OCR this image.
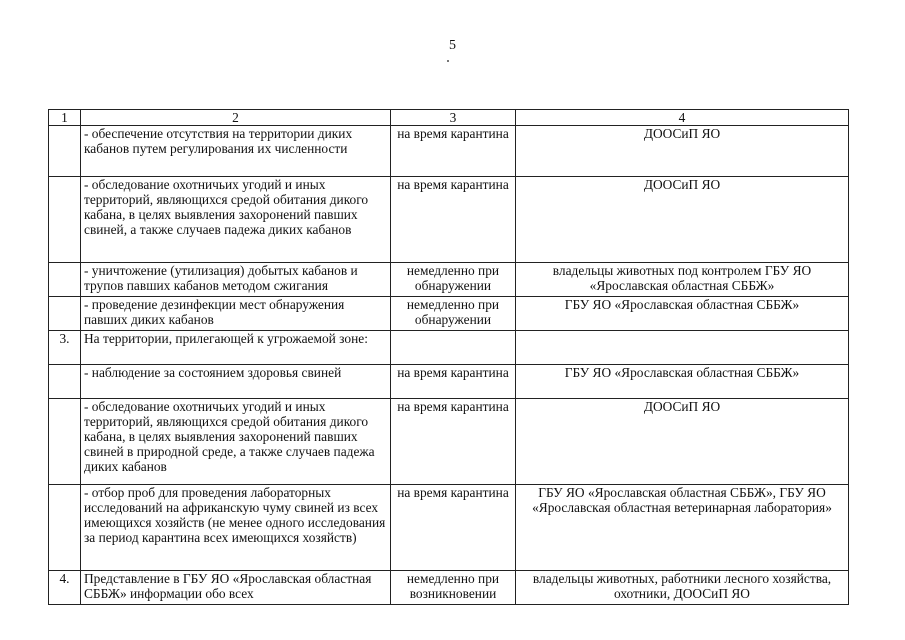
5
1	2	3	4
	- обеспечение отсутствия на территории диких кабанов путем регулирования их численности	на время карантина	ДООСиП ЯО
	- обследование охотничьих угодий и иных территорий, являющихся средой обитания дикого кабана, в целях выявления захоронений павших свиней, а также случаев падежа диких кабанов	на время карантина	ДООСиП ЯО
	- уничтожение (утилизация) добытых кабанов и трупов павших кабанов методом сжигания	немедленно при обнаружении	владельцы животных под контролем ГБУ ЯО «Ярославская областная СББЖ»
	- проведение дезинфекции мест обнаружения павших диких кабанов	немедленно при обнаружении	ГБУ ЯО «Ярославская областная СББЖ»
3.	На территории, прилегающей к угрожаемой зоне:		
	- наблюдение за состоянием здоровья свиней	на время карантина	ГБУ ЯО «Ярославская областная СББЖ»
	- обследование охотничьих угодий и иных территорий, являющихся средой обитания дикого кабана, в целях выявления захоронений павших свиней в природной среде, а также случаев падежа диких кабанов	на время карантина	ДООСиП ЯО
	- отбор проб для проведения лабораторных исследований на африканскую чуму свиней из всех имеющихся хозяйств (не менее одного исследования за период карантина всех имеющихся хозяйств)	на время карантина	ГБУ ЯО «Ярославская областная СББЖ», ГБУ ЯО «Ярославская областная ветеринарная лаборатория»
4.	Представление в ГБУ ЯО «Ярославская областная СББЖ» информации обо всех	немедленно при возникновении	владельцы животных, работники лесного хозяйства, охотники, ДООСиП ЯО
